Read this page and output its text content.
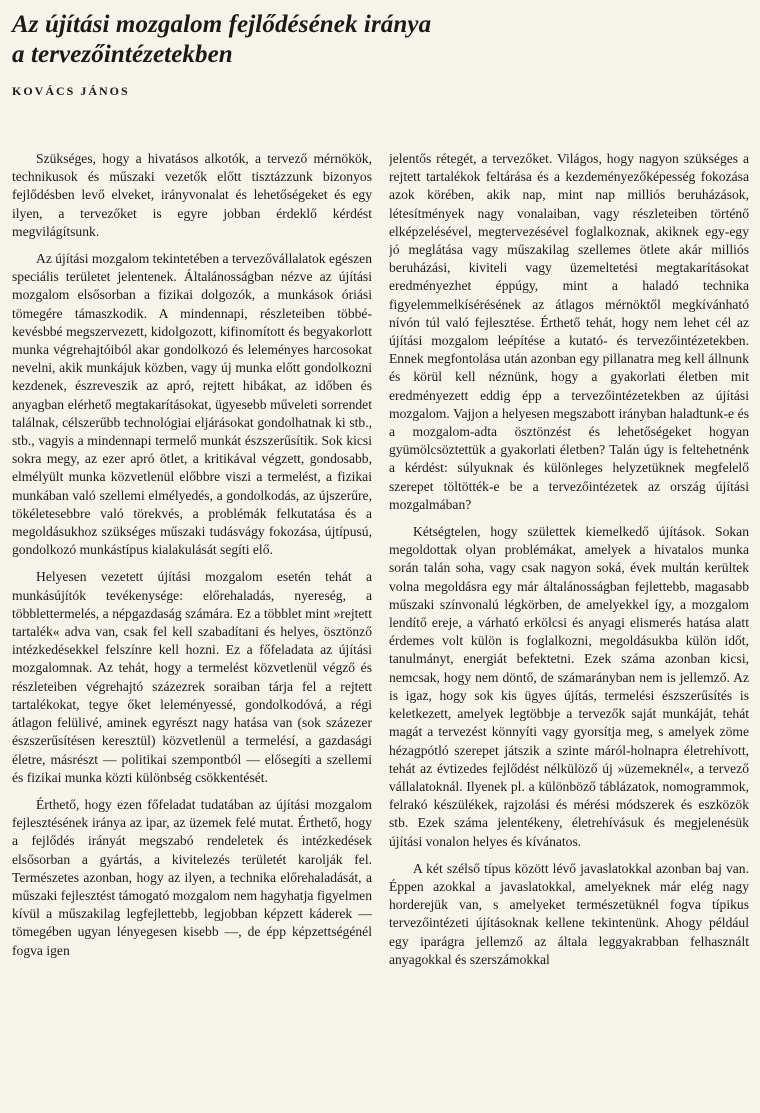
Az újítási mozgalom fejlődésének iránya
a tervezőintézetekben
KOVÁCS JÁNOS

Szükséges, hogy a hivatásos alkotók, a tervező mérnökök, technikusok és műszaki vezetők előtt tisztázzunk bizonyos fejlődésben levő elveket, irányvonalat és lehetőségeket és egy ilyen, a tervezőket is egyre jobban érdeklő kérdést megvilágítsunk.

Az újítási mozgalom tekintetében a tervezővállalatok egészen speciális területet jelentenek. Általánosságban nézve az újítási mozgalom elsősorban a fizikai dolgozók, a munkások óriási tömegére támaszkodik. A mindennapi, részleteiben többé-kevésbbé megszervezett, kidolgozott, kifinomított és begyakorlott munka végrehajtóiból akar gondolkozó és leleményes harcosokat nevelni, akik munkájuk közben, vagy új munka előtt gondolkozni kezdenek, észreveszik az apró, rejtett hibákat, az időben és anyagban elérhető megtakarításokat, ügyesebb műveleti sorrendet találnak, célszerűbb technológiai eljárásokat gondolhatnak ki stb., stb., vagyis a mindennapi termelő munkát észszerűsítik. Sok kicsi sokra megy, az ezer apró ötlet, a kritikával végzett, gondosabb, elmélyült munka közvetlenül előbbre viszi a termelést, a fizikai munkában való szellemi elmélyedés, a gondolkodás, az újszerűre, tökéletesebbre való törekvés, a problémák felkutatása és a megoldásukhoz szükséges műszaki tudásvágy fokozása, újtípusú, gondolkozó munkástípus kialakulását segíti elő.

Helyesen vezetett újítási mozgalom esetén tehát a munkásújítók tevékenysége: előrehaladás, nyereség, a többlettermelés, a népgazdaság számára. Ez a többlet mint »rejtett tartalék« adva van, csak fel kell szabadítani és helyes, ösztönző intézkedésekkel felszínre kell hozni. Ez a főfeladata az újítási mozgalomnak. Az tehát, hogy a termelést közvetlenül végző és részleteiben végrehajtó százezrek soraiban tárja fel a rejtett tartalékokat, tegye őket leleményessé, gondolkodóvá, a régi átlagon felülivé, aminek egyrészt nagy hatása van (sok százezer észszerűsítésen keresztül) közvetlenül a termelésí, a gazdasági életre, másrészt — politikai szempontból — elősegíti a szellemi és fizikai munka közti különbség csökkentését.

Érthető, hogy ezen főfeladat tudatában az újítási mozgalom fejlesztésének iránya az ipar, az üzemek felé mutat. Érthető, hogy a fejlődés irányát megszabó rendeletek és intézkedések elsősorban a gyártás, a kivitelezés területét karolják fel. Természetes azonban, hogy az ilyen, a technika előrehaladását, a műszaki fejlesztést támogató mozgalom nem hagyhatja figyelmen kívül a műszakilag legfejlettebb, legjobban képzett káderek — tömegében ugyan lényegesen kisebb —, de épp képzettségénél fogva igen

jelentős rétegét, a tervezőket. Világos, hogy nagyon szükséges a rejtett tartalékok feltárása és a kezdeményezőképesség fokozása azok körében, akik nap, mint nap milliós beruházások, létesítmények nagy vonalaiban, vagy részleteiben történő elképzelésével, megtervezésével foglalkoznak, akiknek egy-egy jó meglátása vagy műszakilag szellemes ötlete akár milliós beruházási, kiviteli vagy üzemeltetési megtakarításokat eredményezhet éppúgy, mint a haladó technika figyelemmelkísérésének az átlagos mérnöktől megkívánható nívón túl való fejlesztése. Érthető tehát, hogy nem lehet cél az újítási mozgalom leépítése a kutató- és tervezőintézetekben. Ennek megfontolása után azonban egy pillanatra meg kell állnunk és körül kell néznünk, hogy a gyakorlati életben mit eredményezett eddig épp a tervezőintézetekben az újítási mozgalom. Vajjon a helyesen megszabott irányban haladtunk-e és a mozgalom-adta ösztönzést és lehetőségeket hogyan gyümölcsöztettük a gyakorlati életben? Talán úgy is feltehetnénk a kérdést: súlyuknak és különleges helyzetüknek megfelelő szerepet töltötték-e be a tervezőintézetek az ország újítási mozgalmában?

Kétségtelen, hogy születtek kiemelkedő újítások. Sokan megoldottak olyan problémákat, amelyek a hivatalos munka során talán soha, vagy csak nagyon soká, évek multán kerültek volna megoldásra egy már általánosságban fejlettebb, magasabb műszaki színvonalú légkörben, de amelyekkel így, a mozgalom lendítő ereje, a várható erkölcsi és anyagi elismerés hatása alatt érdemes volt külön is foglalkozni, megoldásukba külön időt, tanulmányt, energiát befektetni. Ezek száma azonban kicsi, nemcsak, hogy nem döntő, de számarányban nem is jellemző. Az is igaz, hogy sok kis ügyes újítás, termelési észszerűsítés is keletkezett, amelyek legtöbbje a tervezők saját munkáját, tehát magát a tervezést könnyíti vagy gyorsítja meg, s amelyek zöme hézagpótló szerepet játszik a szinte máról-holnapra életrehívott, tehát az évtizedes fejlődést nélkülöző új »üzemeknél«, a tervező vállalatoknál. Ilyenek pl. a különböző táblázatok, nomogrammok, felrakó készülékek, rajzolási és mérési módszerek és eszközök stb. Ezek száma jelentékeny, életrehívásuk és megjelenésük újítási vonalon helyes és kívánatos.

A két szélső típus között lévő javaslatokkal azonban baj van. Éppen azokkal a javaslatokkal, amelyeknek már elég nagy horderejük van, s amelyeket természetüknél fogva típikus tervezőintézeti újításoknak kellene tekintenünk. Ahogy például egy iparágra jellemző az általa leggyakrabban felhasznált anyagokkal és szerszámokkal
